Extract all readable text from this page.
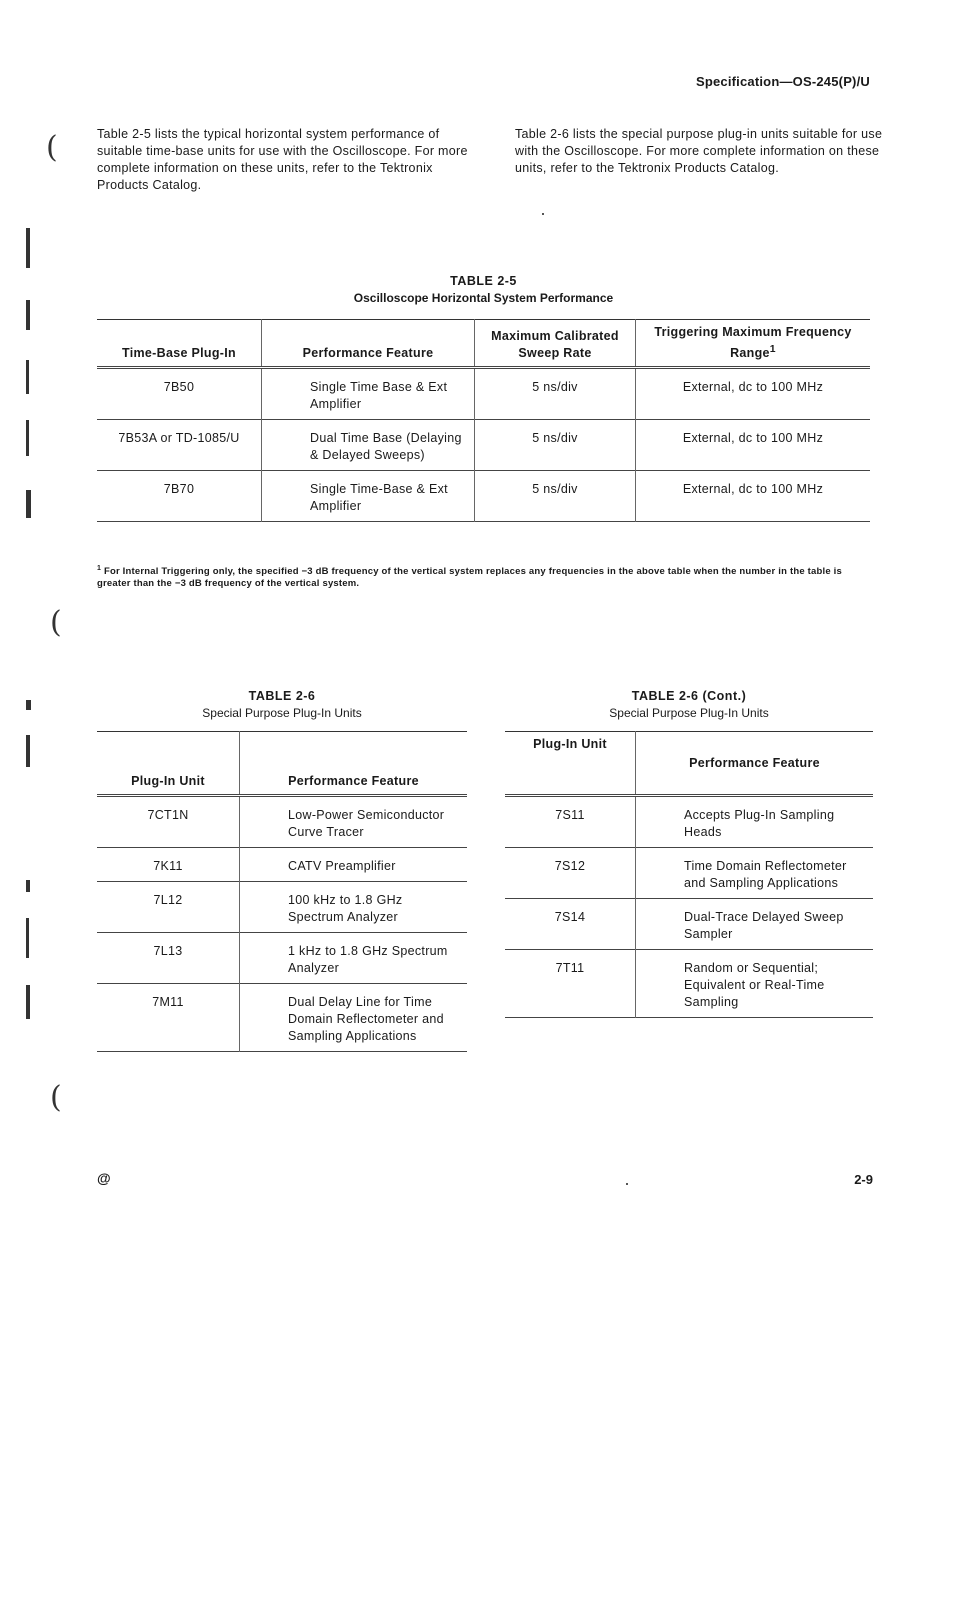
Specification—OS-245(P)/U
Table 2-5 lists the typical horizontal system performance of suitable time-base units for use with the Oscilloscope. For more complete information on these units, refer to the Tektronix Products Catalog.
Table 2-6 lists the special purpose plug-in units suitable for use with the Oscilloscope. For more complete information on these units, refer to the Tektronix Products Catalog.
TABLE 2-5
Oscilloscope Horizontal System Performance
Time-Base Plug-In	Performance Feature	Maximum Calibrated Sweep Rate	Triggering Maximum Frequency Range$^1$
7B50	Single Time Base & Ext Amplifier	5 ns/div	External, dc to 100 MHz
7B53A or TD-1085/U	Dual Time Base (Delaying & Delayed Sweeps)	5 ns/div	External, dc to 100 MHz
7B70	Single Time-Base & Ext Amplifier	5 ns/div	External, dc to 100 MHz
$^1$ For Internal Triggering only, the specified −3 dB frequency of the vertical system replaces any frequencies in the above table when the number in the table is greater than the −3 dB frequency of the vertical system.
TABLE 2-6
Special Purpose Plug-In Units
Plug-In Unit	Performance Feature
7CT1N	Low-Power Semiconductor Curve Tracer
7K11	CATV Preamplifier
7L12	100 kHz to 1.8 GHz Spectrum Analyzer
7L13	1 kHz to 1.8 GHz Spectrum Analyzer
7M11	Dual Delay Line for Time Domain Reflectometer and Sampling Applications
TABLE 2-6 (Cont.)
Special Purpose Plug-In Units
Plug-In Unit	Performance Feature
7S11	Accepts Plug-In Sampling Heads
7S12	Time Domain Reflectometer and Sampling Applications
7S14	Dual-Trace Delayed Sweep Sampler
7T11	Random or Sequential; Equivalent or Real-Time Sampling
@	2-9
(
(
(
